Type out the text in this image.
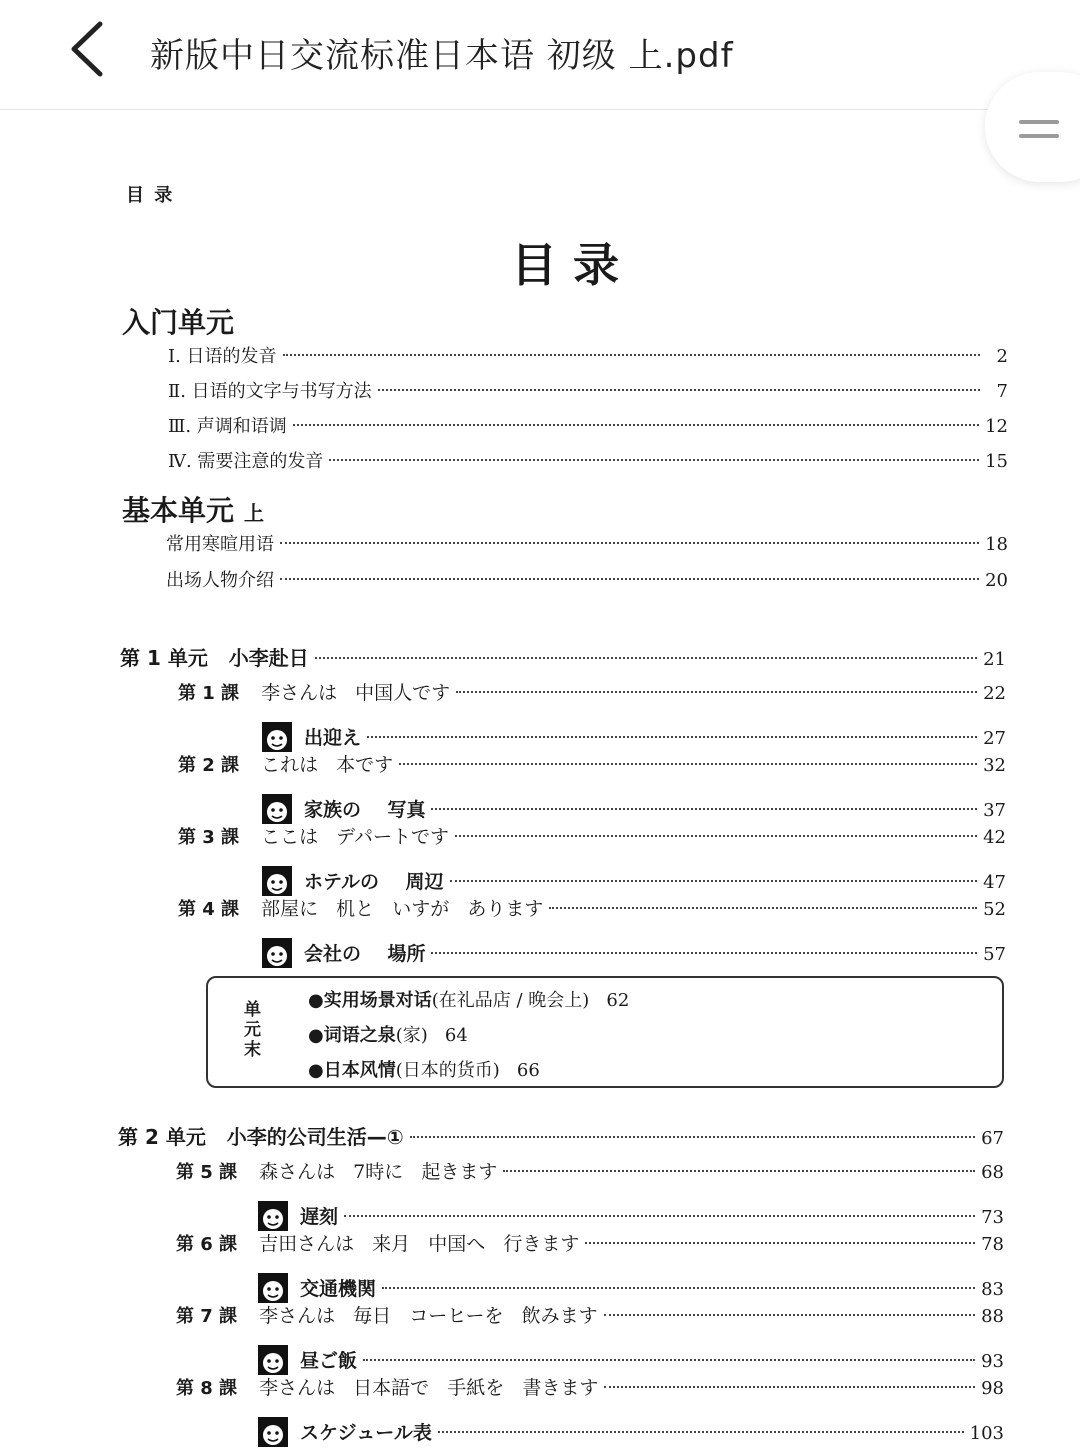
新版中日交流标准日本语 初级 上.pdf
目 录
目 录
入门单元
基本单元 上
单元末
●实用场景对话(在礼品店 / 晚会上)   62
●词语之泉(家)   64
●日本风情(日本的货币)   66
Ⅰ. 日语的发音	2
Ⅱ. 日语的文字与书写方法	7
Ⅲ. 声调和语调	12
Ⅳ. 需要注意的发音	15
常用寒暄用语	18
出场人物介绍	20
第 1 单元   小李赴日	21
第 1 課 李さんは   中国人です	22
出迎え	27
第 2 課 これは   本です	32
家族の    写真	37
第 3 課 ここは   デパートです	42
ホテルの    周辺	47
第 4 課 部屋に   机と   いすが   あります	52
会社の    場所	57
第 2 单元   小李的公司生活—①	67
第 5 課 森さんは   7時に   起きます	68
遅刻	73
第 6 課 吉田さんは   来月   中国へ   行きます	78
交通機関	83
第 7 課 李さんは   毎日   コーヒーを   飲みます	88
昼ご飯	93
第 8 課 李さんは   日本語で   手紙を   書きます	98
スケジュール表	103
